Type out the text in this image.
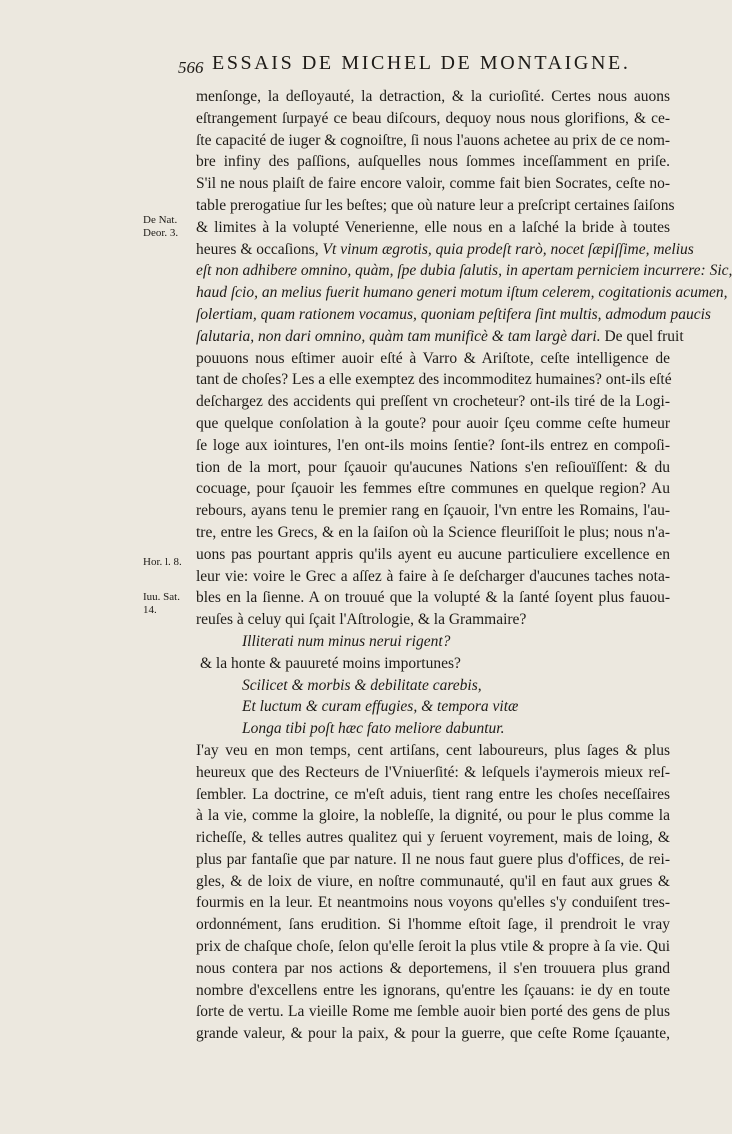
566 ESSAIS DE MICHEL DE MONTAIGNE.
De Nat. Deor. 3.
Hor. l. 8.
Iuu. Sat. 14.
menſonge, la deſloyauté, la detraction, & la curioſité. Certes nous auons
eſtrangement ſurpayé ce beau diſcours, dequoy nous nous glorifions, & ce-
ſte capacité de iuger & cognoiſtre, ſi nous l'auons achetee au prix de ce nom-
bre infiny des paſſions, auſquelles nous ſommes inceſſamment en priſe.
S'il ne nous plaiſt de faire encore valoir, comme fait bien Socrates, ceſte no-
table prerogatiue ſur les beſtes; que où nature leur a preſcript certaines ſaiſons
& limites à la volupté Venerienne, elle nous en a laſché la bride à toutes
heures & occaſions, Vt vinum ægrotis, quia prodeſt rarò, nocet ſæpiſſime, melius
eſt non adhibere omnino, quàm, ſpe dubia ſalutis, in apertam perniciem incurrere: Sic,
haud ſcio, an melius fuerit humano generi motum iſtum celerem, cogitationis acumen,
ſolertiam, quam rationem vocamus, quoniam peſtifera ſint multis, admodum paucis
ſalutaria, non dari omnino, quàm tam munificè & tam largè dari. De quel fruit
pouuons nous eſtimer auoir eſté à Varro & Ariſtote, ceſte intelligence de
tant de choſes? Les a elle exemptez des incommoditez humaines? ont-ils eſté
deſchargez des accidents qui preſſent vn crocheteur? ont-ils tiré de la Logi-
que quelque conſolation à la goute? pour auoir ſçeu comme ceſte humeur
ſe loge aux iointures, l'en ont-ils moins ſentie? ſont-ils entrez en compoſi-
tion de la mort, pour ſçauoir qu'aucunes Nations s'en reſiouïſſent: & du
cocuage, pour ſçauoir les femmes eſtre communes en quelque region? Au
rebours, ayans tenu le premier rang en ſçauoir, l'vn entre les Romains, l'au-
tre, entre les Grecs, & en la ſaiſon où la Science fleuriſſoit le plus; nous n'a-
uons pas pourtant appris qu'ils ayent eu aucune particuliere excellence en
leur vie: voire le Grec a aſſez à faire à ſe deſcharger d'aucunes taches nota-
bles en la ſienne. A on trouué que la volupté & la ſanté ſoyent plus fauou-
reuſes à celuy qui ſçait l'Aſtrologie, & la Grammaire?
Illiterati num minus nerui rigent?
& la honte & pauureté moins importunes?
Scilicet & morbis & debilitate carebis,
Et luctum & curam effugies, & tempora vitæ
Longa tibi poſt hæc fato meliore dabuntur.
I'ay veu en mon temps, cent artiſans, cent laboureurs, plus ſages & plus
heureux que des Recteurs de l'Vniuerſité: & leſquels i'aymerois mieux reſ-
ſembler. La doctrine, ce m'eſt aduis, tient rang entre les choſes neceſſaires
à la vie, comme la gloire, la nobleſſe, la dignité, ou pour le plus comme la
richeſſe, & telles autres qualitez qui y ſeruent voyrement, mais de loing, &
plus par fantaſie que par nature. Il ne nous faut guere plus d'offices, de rei-
gles, & de loix de viure, en noſtre communauté, qu'il en faut aux grues &
fourmis en la leur. Et neantmoins nous voyons qu'elles s'y conduiſent tres-
ordonnément, ſans erudition. Si l'homme eſtoit ſage, il prendroit le vray
prix de chaſque choſe, ſelon qu'elle ſeroit la plus vtile & propre à ſa vie. Qui
nous contera par nos actions & deportemens, il s'en trouuera plus grand
nombre d'excellens entre les ignorans, qu'entre les ſçauans: ie dy en toute
ſorte de vertu. La vieille Rome me ſemble auoir bien porté des gens de plus
grande valeur, & pour la paix, & pour la guerre, que ceſte Rome ſçauante,
